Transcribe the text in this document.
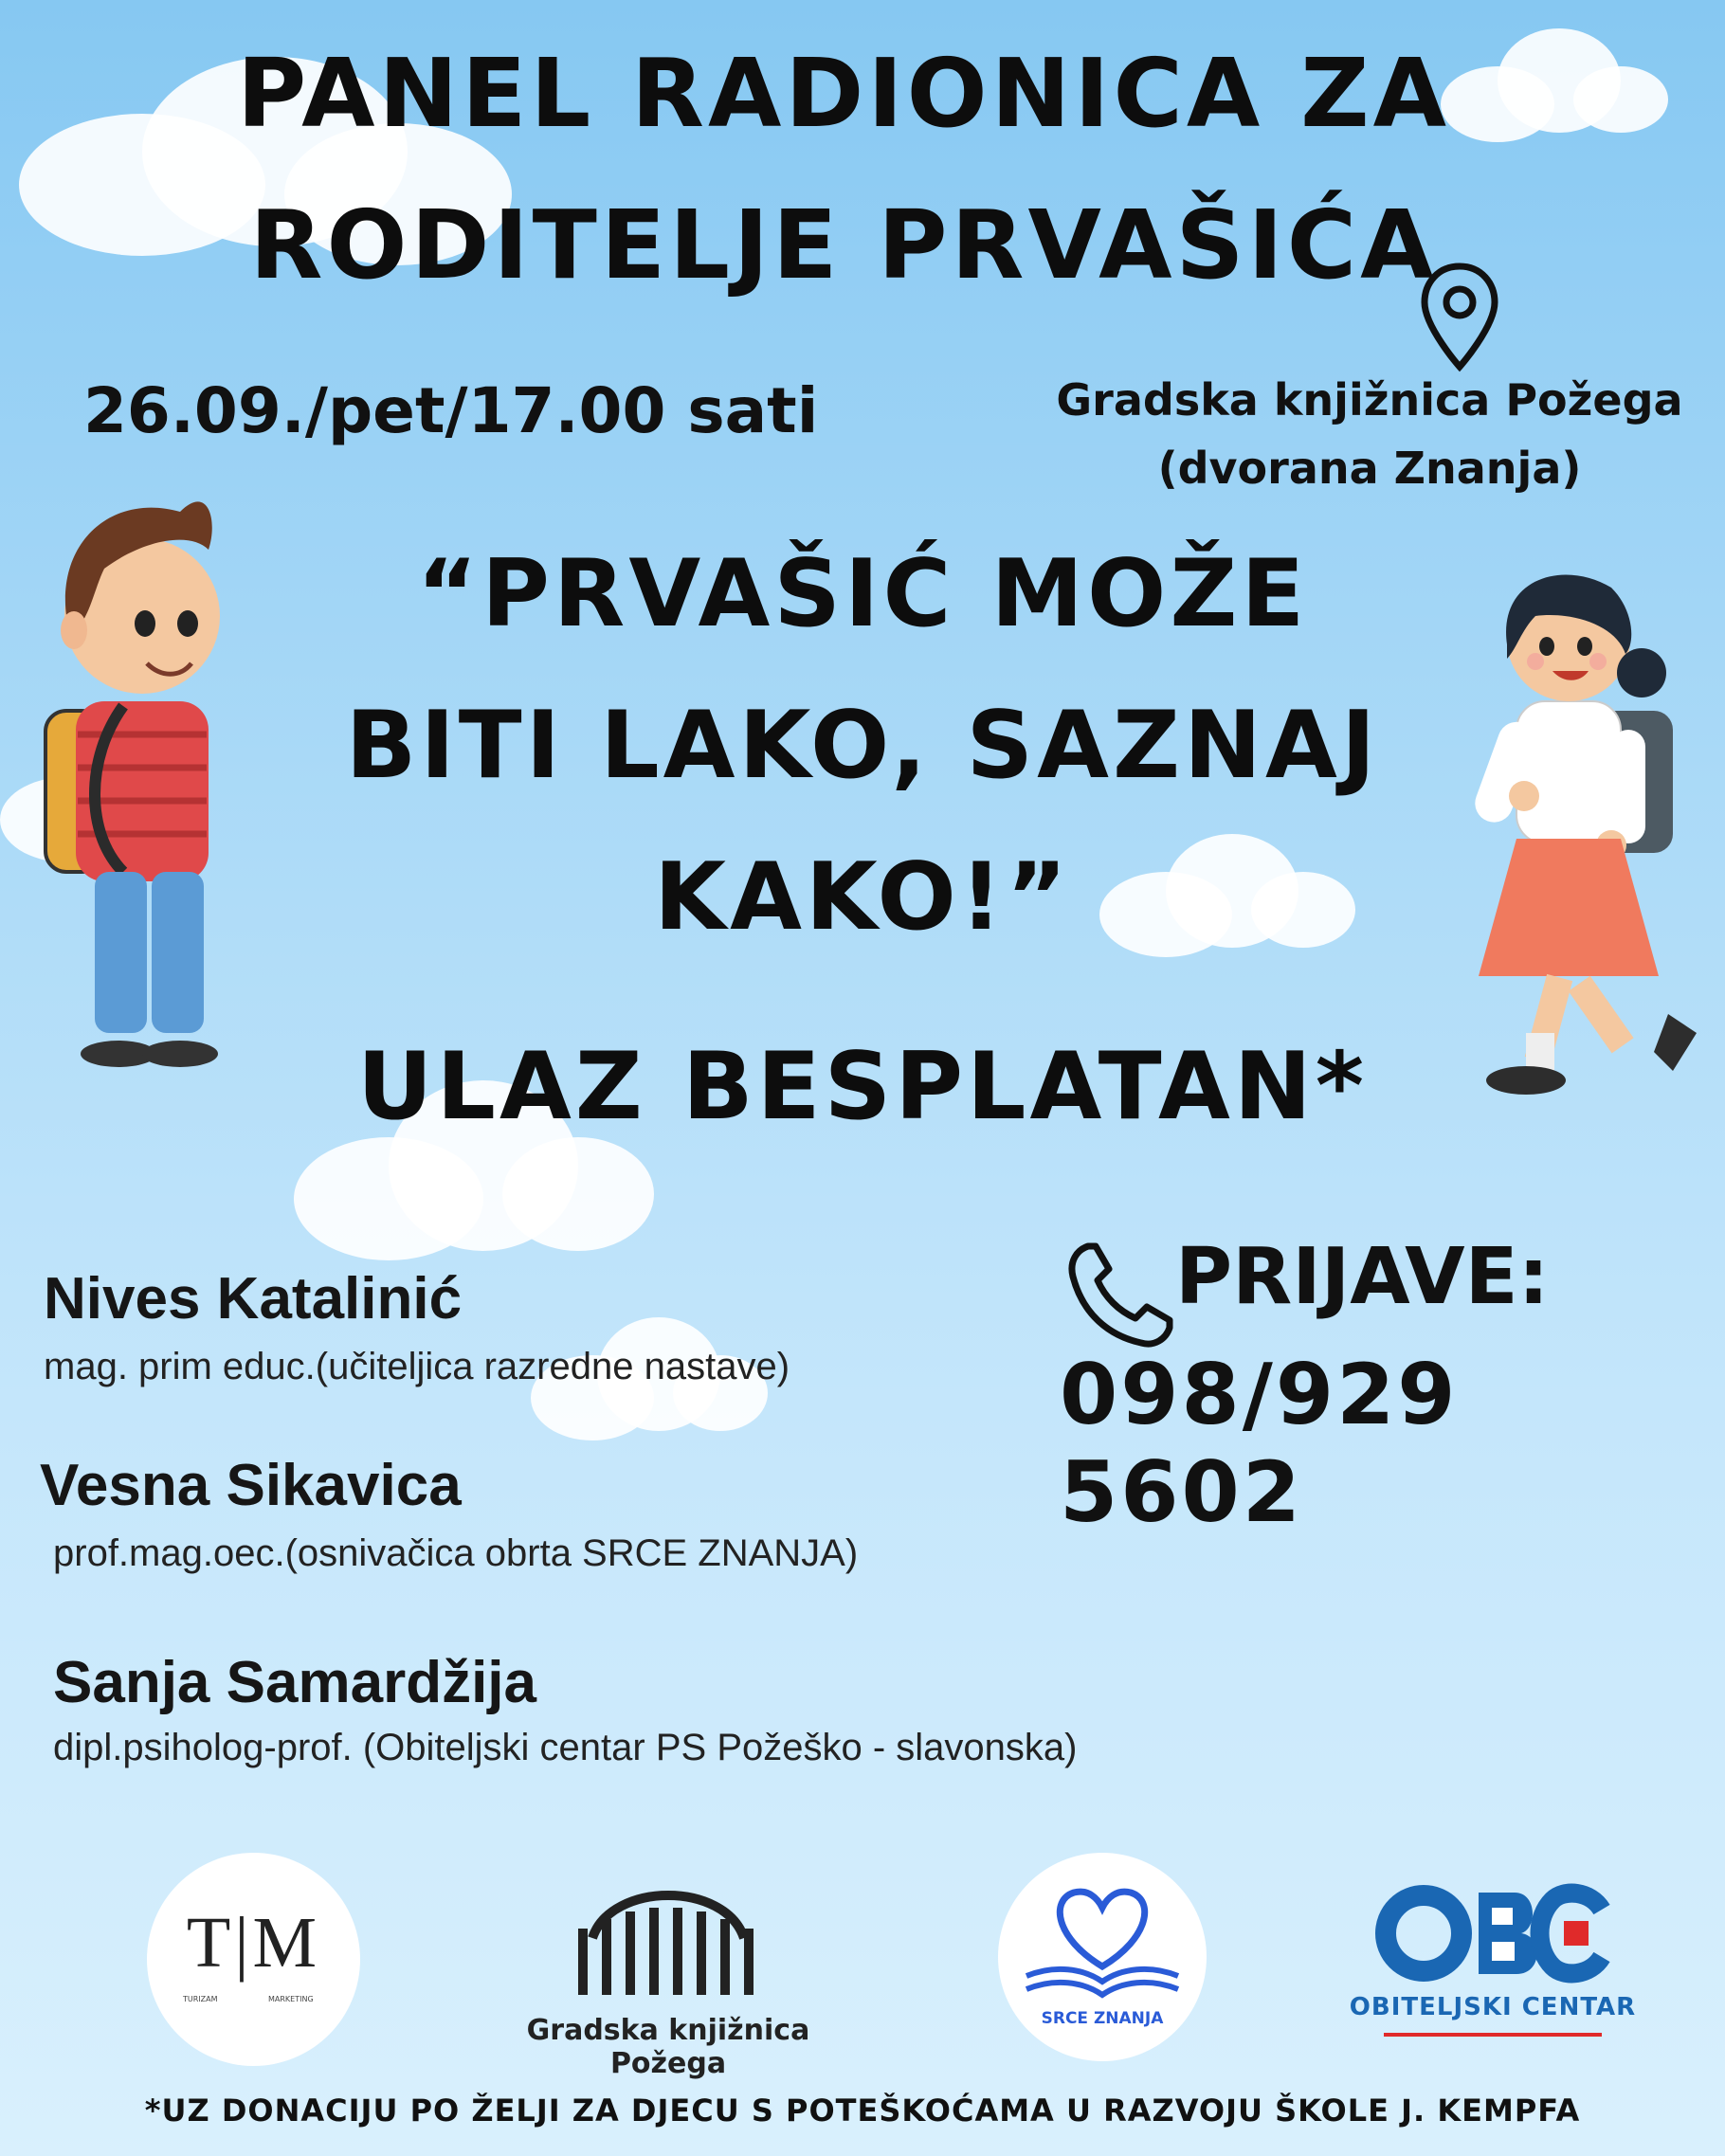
PANEL RADIONICA ZA
RODITELJE PRVAŠIĆA
26.09./pet/17.00 sati	Gradska knjižnica Požega
(dvorana Znanja)
“PRVAŠIĆ MOŽE
BITI LAKO, SAZNAJ
KAKO!”
ULAZ BESPLATAN*
PRIJAVE:
098/929 5602
Nives Katalinić
mag. prim educ.(učiteljica razredne nastave)
Vesna Sikavica
prof.mag.oec.(osnivačica obrta SRCE ZNANJA)
Sanja Samardžija
dipl.psiholog-prof. (Obiteljski centar PS Požeško - slavonska)
T|M
TURIZAM	MARKETING
Gradska knjižnica Požega
SRCE ZNANJA	OBITELJSKI CENTAR
*UZ DONACIJU PO ŽELJI ZA DJECU S POTEŠKOĆAMA U RAZVOJU ŠKOLE J. KEMPFA
